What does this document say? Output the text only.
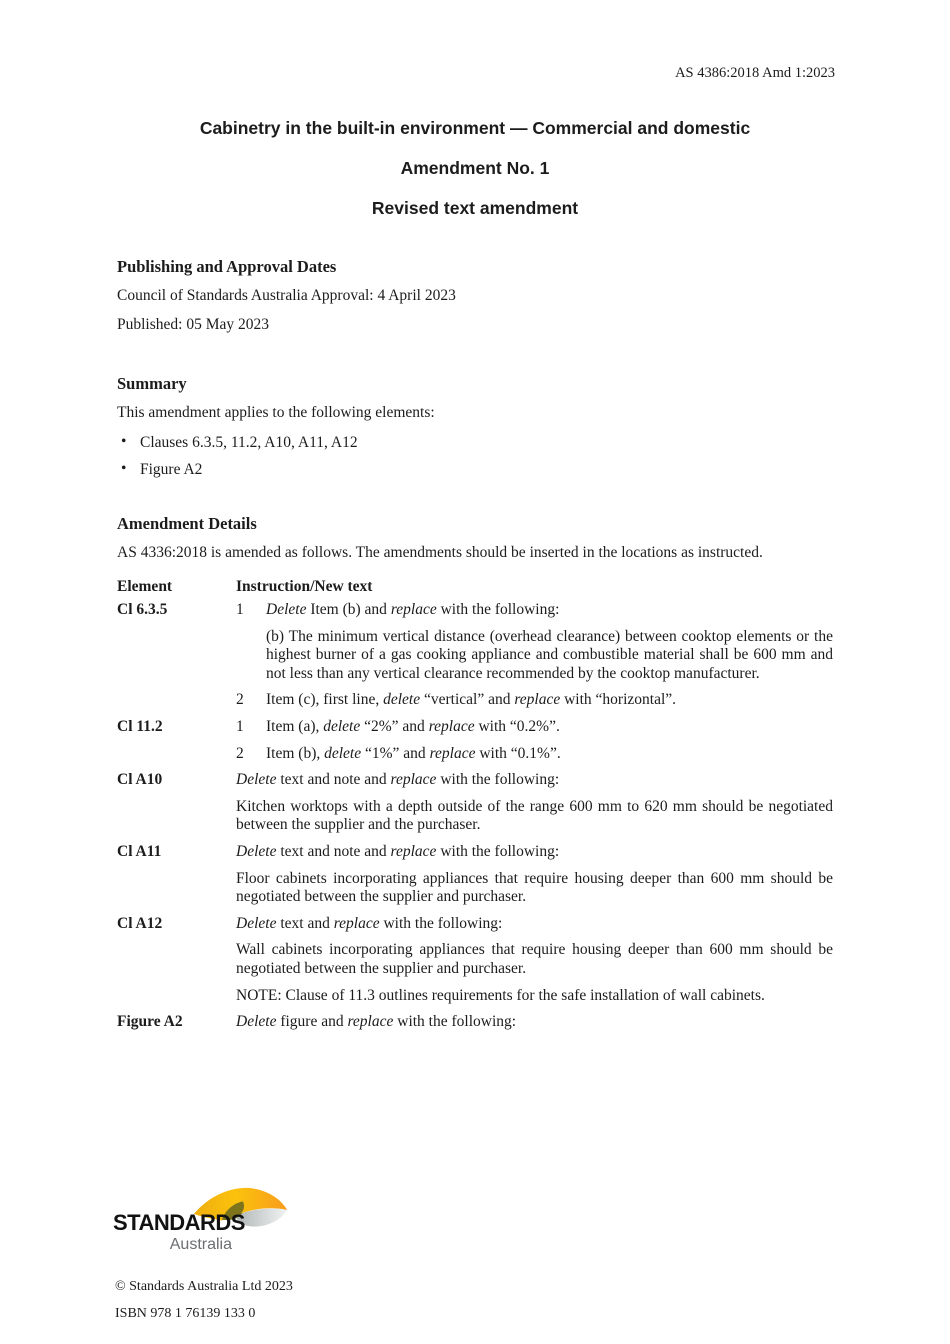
AS 4386:2018 Amd 1:2023
Cabinetry in the built-in environment — Commercial and domestic
Amendment No. 1
Revised text amendment
Publishing and Approval Dates

Council of Standards Australia Approval: 4 April 2023

Published: 05 May 2023

Summary

This amendment applies to the following elements:

• Clauses 6.3.5, 11.2, A10, A11, A12
• Figure A2
Amendment Details

AS 4336:2018 is amended as follows. The amendments should be inserted in the locations as instructed.

Element	Instruction/New text
Cl 6.3.5	1	Delete Item (b) and replace with the following:
(b) The minimum vertical distance (overhead clearance) between cooktop elements or the highest burner of a gas cooking appliance and combustible material shall be 600 mm and not less than any vertical clearance recommended by the cooktop manufacturer.
2	Item (c), first line, delete “vertical” and replace with “horizontal”.
Cl 11.2	1	Item (a), delete “2%” and replace with “0.2%”.
2	Item (b), delete “1%” and replace with “0.1%”.
Cl A10	Delete text and note and replace with the following:
Kitchen worktops with a depth outside of the range 600 mm to 620 mm should be negotiated between the supplier and the purchaser.
Cl A11	Delete text and note and replace with the following:
Floor cabinets incorporating appliances that require housing deeper than 600 mm should be negotiated between the supplier and purchaser.
Cl A12	Delete text and replace with the following:
Wall cabinets incorporating appliances that require housing deeper than 600 mm should be negotiated between the supplier and purchaser.
NOTE: Clause of 11.3 outlines requirements for the safe installation of wall cabinets.
Figure A2	Delete figure and replace with the following:
STANDARDS
Australia

© Standards Australia Ltd 2023

ISBN 978 1 76139 133 0
